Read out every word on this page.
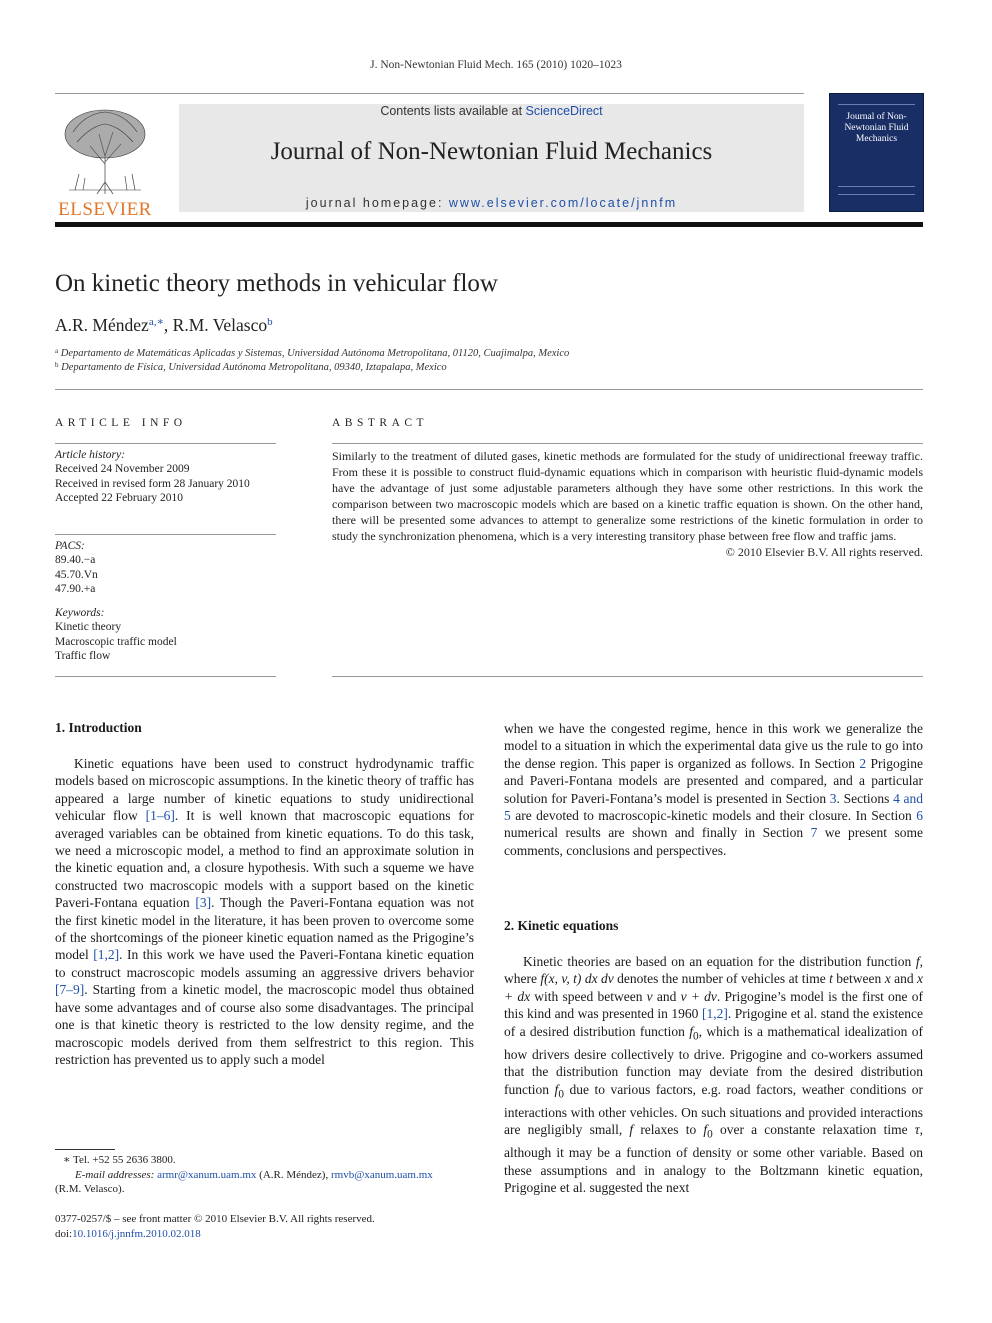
J. Non-Newtonian Fluid Mech. 165 (2010) 1020–1023
ELSEVIER
Contents lists available at ScienceDirect
Journal of Non-Newtonian Fluid Mechanics
journal homepage: www.elsevier.com/locate/jnnfm
Journal of Non-Newtonian Fluid Mechanics
On kinetic theory methods in vehicular flow
A.R. Méndez$^{a,∗}$, R.M. Velasco$^b$
$^a$ Departamento de Matemáticas Aplicadas y Sistemas, Universidad Autónoma Metropolitana, 01120, Cuajimalpa, Mexico
$^b$ Departamento de Física, Universidad Autónoma Metropolitana, 09340, Iztapalapa, Mexico
ARTICLE INFO
Article history:
Received 24 November 2009
Received in revised form 28 January 2010
Accepted 22 February 2010
PACS:
89.40.−a
45.70.Vn
47.90.+a
Keywords:
Kinetic theory
Macroscopic traffic model
Traffic flow
ABSTRACT
Similarly to the treatment of diluted gases, kinetic methods are formulated for the study of unidirectional freeway traffic. From these it is possible to construct fluid-dynamic equations which in comparison with heuristic fluid-dynamic models have the advantage of just some adjustable parameters although they have some other restrictions. In this work the comparison between two macroscopic models which are based on a kinetic traffic equation is shown. On the other hand, there will be presented some advances to attempt to generalize some restrictions of the kinetic formulation in order to study the synchronization phenomena, which is a very interesting transitory phase between free flow and traffic jams.
© 2010 Elsevier B.V. All rights reserved.
1. Introduction

Kinetic equations have been used to construct hydrodynamic traffic models based on microscopic assumptions. In the kinetic theory of traffic has appeared a large number of kinetic equations to study unidirectional vehicular flow [1–6]. It is well known that macroscopic equations for averaged variables can be obtained from kinetic equations. To do this task, we need a microscopic model, a method to find an approximate solution in the kinetic equation and, a closure hypothesis. With such a squeme we have constructed two macroscopic models with a support based on the kinetic Paveri-Fontana equation [3]. Though the Paveri-Fontana equation was not the first kinetic model in the literature, it has been proven to overcome some of the shortcomings of the pioneer kinetic equation named as the Prigogine’s model [1,2]. In this work we have used the Paveri-Fontana kinetic equation to construct macroscopic models assuming an aggressive drivers behavior [7–9]. Starting from a kinetic model, the macroscopic model thus obtained have some advantages and of course also some disadvantages. The principal one is that kinetic theory is restricted to the low density regime, and the macroscopic models derived from them selfrestrict to this region. This restriction has prevented us to apply such a model

when we have the congested regime, hence in this work we generalize the model to a situation in which the experimental data give us the rule to go into the dense region. This paper is organized as follows. In Section 2 Prigogine and Paveri-Fontana models are presented and compared, and a particular solution for Paveri-Fontana’s model is presented in Section 3. Sections 4 and 5 are devoted to macroscopic-kinetic models and their closure. In Section 6 numerical results are shown and finally in Section 7 we present some comments, conclusions and perspectives.

2. Kinetic equations

Kinetic theories are based on an equation for the distribution function f, where f(x, v, t) dx dv denotes the number of vehicles at time t between x and x + dx with speed between v and v + dv. Prigogine’s model is the first one of this kind and was presented in 1960 [1,2]. Prigogine et al. stand the existence of a desired distribution function $f_0$, which is a mathematical idealization of how drivers desire collectively to drive. Prigogine and co-workers assumed that the distribution function may deviate from the desired distribution function $f_0$ due to various factors, e.g. road factors, weather conditions or interactions with other vehicles. On such situations and provided interactions are negligibly small, f relaxes to $f_0$ over a constante relaxation time τ, although it may be a function of density or some other variable. Based on these assumptions and in analogy to the Boltzmann kinetic equation, Prigogine et al. suggested the next

∗ Tel. +52 55 2636 3800.
E-mail addresses: armr@xanum.uam.mx (A.R. Méndez), rmvb@xanum.uam.mx
(R.M. Velasco).
0377-0257/$ – see front matter © 2010 Elsevier B.V. All rights reserved.
doi:10.1016/j.jnnfm.2010.02.018
